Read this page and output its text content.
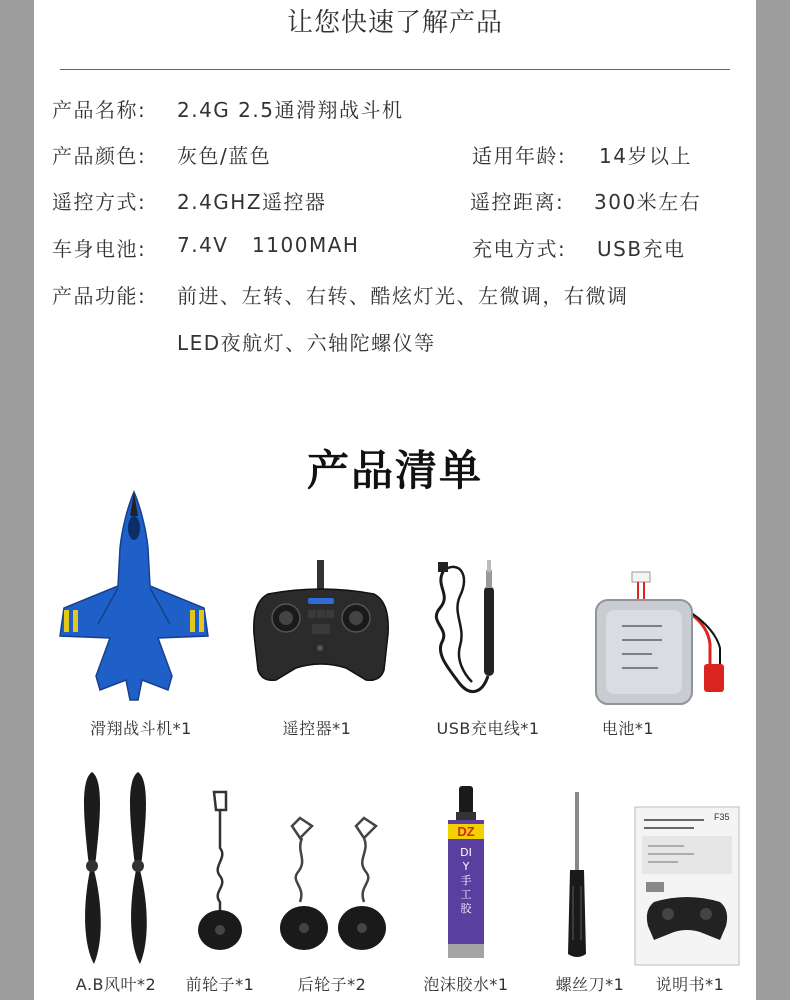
让您快速了解产品
产品名称: 2.4G 2.5通滑翔战斗机
产品颜色: 灰色/蓝色	适用年龄: 14岁以上
遥控方式: 2.4GHZ遥控器	遥控距离: 300米左右
车身电池: 7.4V   1100MAH	充电方式: USB充电
产品功能: 前进、左转、右转、酷炫灯光、左微调，右微调
LED夜航灯、六轴陀螺仪等
产品清单
滑翔战斗机*1	遥控器*1	USB充电线*1	电池*1
A.B风叶*2 前轮子*1	后轮子*2
DZ
DIY手工胶
泡沫胶水*1	螺丝刀*1
F35
说明书*1
